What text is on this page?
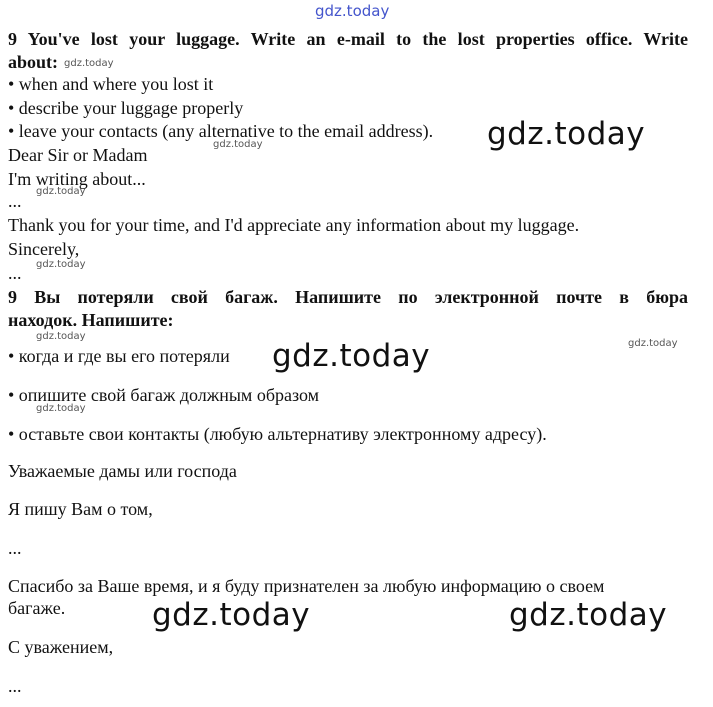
gdz.today
9 You've lost your luggage. Write an e-mail to the lost properties office. Write
about:
• when and where you lost it
• describe your luggage properly
• leave your contacts (any alternative to the email address).
Dear Sir or Madam
I'm writing about...
...
Thank you for your time, and I'd appreciate any information about my luggage.
Sincerely,
...
9 Вы потеряли свой багаж. Напишите по электронной почте в бюра
находок. Напишите:
• когда и где вы его потеряли
• опишите свой багаж должным образом
• оставьте свои контакты (любую альтернативу электронному адресу).
Уважаемые дамы или господа
Я пишу Вам о том,
...
Спасибо за Ваше время, и я буду признателен за любую информацию о своем
багаже.
С уважением,
...
gdz.today
gdz.today
gdz.today
gdz.today
gdz.today
gdz.today
gdz.today
gdz.today
gdz.today
gdz.today	gdz.today
